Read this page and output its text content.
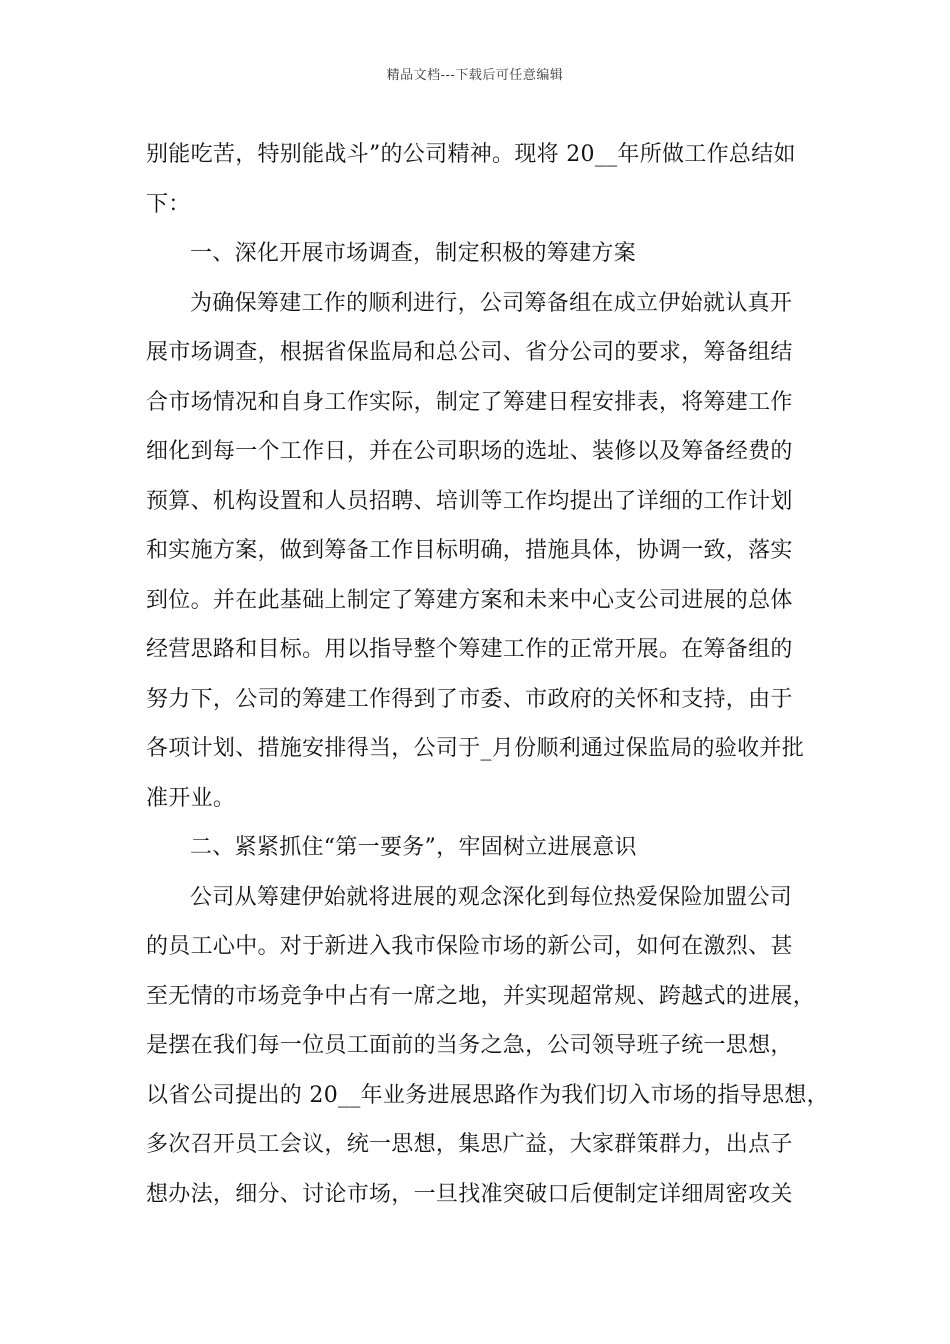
精品文档---下载后可任意编辑
别能吃苦，特别能战斗”的公司精神。现将 20__年所做工作总结如
下：
一、深化开展市场调查，制定积极的筹建方案
为确保筹建工作的顺利进行，公司筹备组在成立伊始就认真开
展市场调查，根据省保监局和总公司、省分公司的要求，筹备组结
合市场情况和自身工作实际，制定了筹建日程安排表，将筹建工作
细化到每一个工作日，并在公司职场的选址、装修以及筹备经费的
预算、机构设置和人员招聘、培训等工作均提出了详细的工作计划
和实施方案，做到筹备工作目标明确，措施具体，协调一致，落实
到位。并在此基础上制定了筹建方案和未来中心支公司进展的总体
经营思路和目标。用以指导整个筹建工作的正常开展。在筹备组的
努力下，公司的筹建工作得到了市委、市政府的关怀和支持，由于
各项计划、措施安排得当，公司于_月份顺利通过保监局的验收并批
准开业。
二、紧紧抓住“第一要务”，牢固树立进展意识
公司从筹建伊始就将进展的观念深化到每位热爱保险加盟公司
的员工心中。对于新进入我市保险市场的新公司，如何在激烈、甚
至无情的市场竞争中占有一席之地，并实现超常规、跨越式的进展，
是摆在我们每一位员工面前的当务之急，公司领导班子统一思想，
以省公司提出的 20__年业务进展思路作为我们切入市场的指导思想，
多次召开员工会议，统一思想，集思广益，大家群策群力，出点子
想办法，细分、讨论市场，一旦找准突破口后便制定详细周密攻关
